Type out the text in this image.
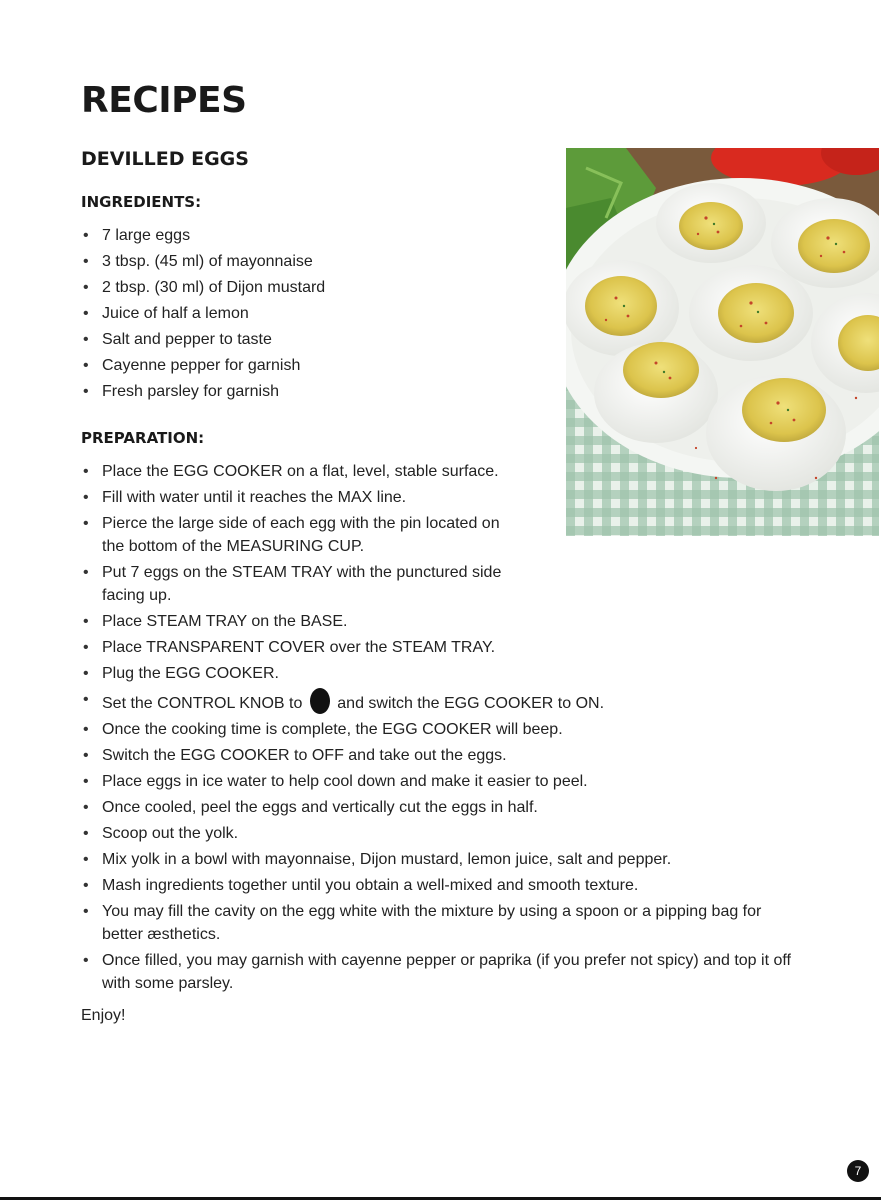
RECIPES
DEVILLED EGGS
INGREDIENTS:
• 7 large eggs
• 3 tbsp. (45 ml) of mayonnaise
• 2 tbsp. (30 ml) of Dijon mustard
• Juice of half a lemon
• Salt and pepper to taste
• Cayenne pepper for garnish
• Fresh parsley for garnish
PREPARATION:
• Place the EGG COOKER on a flat, level, stable surface.
• Fill with water until it reaches the MAX line.
• Pierce the large side of each egg with the pin located on the bottom of the MEASURING CUP.
• Put 7 eggs on the STEAM TRAY with the punctured side facing up.
• Place STEAM TRAY on the BASE.
• Place TRANSPARENT COVER over the STEAM TRAY.
• Plug the EGG COOKER.
• Set the CONTROL KNOB to and switch the EGG COOKER to ON.
• Once the cooking time is complete, the EGG COOKER will beep.
• Switch the EGG COOKER to OFF and take out the eggs.
• Place eggs in ice water to help cool down and make it easier to peel.
• Once cooled, peel the eggs and vertically cut the eggs in half.
• Scoop out the yolk.
• Mix yolk in a bowl with mayonnaise, Dijon mustard, lemon juice, salt and pepper.
• Mash ingredients together until you obtain a well-mixed and smooth texture.
• You may fill the cavity on the egg white with the mixture by using a spoon or a pipping bag for better æsthetics.
• Once filled, you may garnish with cayenne pepper or paprika (if you prefer not spicy) and top it off with some parsley.

Enjoy!

7
